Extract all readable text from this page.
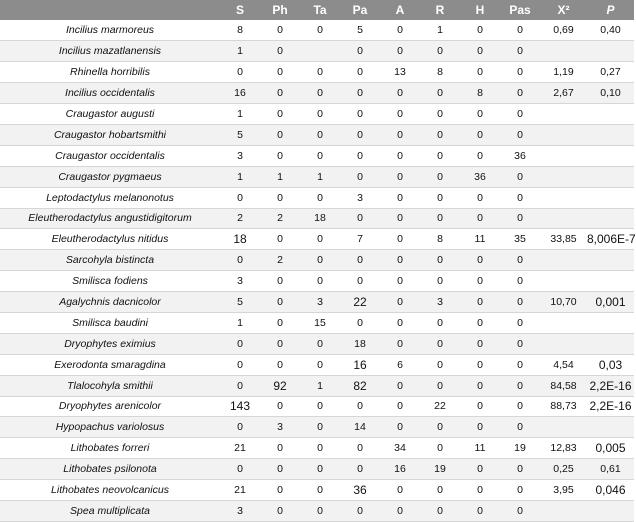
	S	Ph	Ta	Pa	A	R	H	Pas	X²	P
Incilius marmoreus	8	0	0	5	0	1	0	0	0,69	0,40
Incilius mazatlanensis	1	0		0	0	0	0	0		
Rhinella horribilis	0	0	0	0	13	8	0	0	1,19	0,27
Incilius occidentalis	16	0	0	0	0	0	8	0	2,67	0,10
Craugastor augusti	1	0	0	0	0	0	0	0		
Craugastor hobartsmithi	5	0	0	0	0	0	0	0		
Craugastor occidentalis	3	0	0	0	0	0	0	36		
Craugastor pygmaeus	1	1	1	0	0	0	36	0		
Leptodactylus melanonotus	0	0	0	3	0	0	0	0		
Eleutherodactylus angustidigitorum	2	2	18	0	0	0	0	0		
Eleutherodactylus nitidus	18	0	0	7	0	8	11	35	33,85	8,006E-7
Sarcohyla bistincta	0	2	0	0	0	0	0	0		
Smilisca fodiens	3	0	0	0	0	0	0	0		
Agalychnis dacnicolor	5	0	3	22	0	3	0	0	10,70	0,001
Smilisca baudini	1	0	15	0	0	0	0	0		
Dryophytes eximius	0	0	0	18	0	0	0	0		
Exerodonta smaragdina	0	0	0	16	6	0	0	0	4,54	0,03
Tlalocohyla smithii	0	92	1	82	0	0	0	0	84,58	2,2E-16
Dryophytes arenicolor	143	0	0	0	0	22	0	0	88,73	2,2E-16
Hypopachus variolosus	0	3	0	14	0	0	0	0		
Lithobates forreri	21	0	0	0	34	0	11	19	12,83	0,005
Lithobates psilonota	0	0	0	0	16	19	0	0	0,25	0,61
Lithobates neovolcanicus	21	0	0	36	0	0	0	0	3,95	0,046
Spea multiplicata	3	0	0	0	0	0	0	0		
